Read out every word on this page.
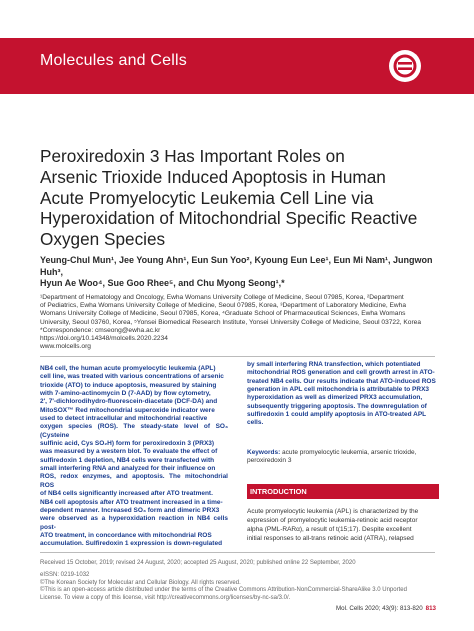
Molecules and Cells
Peroxiredoxin 3 Has Important Roles on
Arsenic Trioxide Induced Apoptosis in Human
Acute Promyelocytic Leukemia Cell Line via
Hyperoxidation of Mitochondrial Specific Reactive
Oxygen Species
Yeung-Chul Mun¹, Jee Young Ahn¹, Eun Sun Yoo², Kyoung Eun Lee¹, Eun Mi Nam¹, Jungwon Huh³,
Hyun Ae Woo⁴, Sue Goo Rhee⁵, and Chu Myong Seong¹,*
¹Department of Hematology and Oncology, Ewha Womans University College of Medicine, Seoul 07985, Korea, ²Department
of Pediatrics, Ewha Womans University College of Medicine, Seoul 07985, Korea, ³Department of Laboratory Medicine, Ewha
Womans University College of Medicine, Seoul 07985, Korea, ⁴Graduate School of Pharmaceutical Sciences, Ewha Womans
University, Seoul 03760, Korea, ⁵Yonsei Biomedical Research Institute, Yonsei University College of Medicine, Seoul 03722, Korea
*Correspondence: cmseong@ewha.ac.kr
https://doi.org/10.14348/molcells.2020.2234
www.molcells.org
NB4 cell, the human acute promyelocytic leukemia (APL)
cell line, was treated with various concentrations of arsenic
trioxide (ATO) to induce apoptosis, measured by staining
with 7-amino-actinomycin D (7-AAD) by flow cytometry,
2', 7'-dichlorodihydro-fluorescein-diacetate (DCF-DA) and
MitoSOX™ Red mitochondrial superoxide indicator were
used to detect intracellular and mitochondrial reactive
oxygen species (ROS). The steady-state level of SO₃ (Cysteine
sulfinic acid, Cys SO₂H) form for peroxiredoxin 3 (PRX3)
was measured by a western blot. To evaluate the effect of
sulfiredoxin 1 depletion, NB4 cells were transfected with
small interfering RNA and analyzed for their influence on
ROS, redox enzymes, and apoptosis. The mitochondrial ROS
of NB4 cells significantly increased after ATO treatment.
NB4 cell apoptosis after ATO treatment increased in a time-
dependent manner. Increased SO₃ form and dimeric PRX3
were observed as a hyperoxidation reaction in NB4 cells post-
ATO treatment, in concordance with mitochondrial ROS
accumulation. Sulfiredoxin 1 expression is down-regulated
by small interfering RNA transfection, which potentiated
mitochondrial ROS generation and cell growth arrest in ATO-
treated NB4 cells. Our results indicate that ATO-induced ROS
generation in APL cell mitochondria is attributable to PRX3
hyperoxidation as well as dimerized PRX3 accumulation,
subsequently triggering apoptosis. The downregulation of
sulfiredoxin 1 could amplify apoptosis in ATO-treated APL
cells.
Keywords: acute promyelocytic leukemia, arsenic trioxide,
peroxiredoxin 3
INTRODUCTION
Acute promyelocytic leukemia (APL) is characterized by the
expression of promyelocytic leukemia-retinoic acid receptor
alpha (PML-RARα), a result of t(15;17). Despite excellent
initial responses to all-trans retinoic acid (ATRA), relapsed
Received 15 October, 2019; revised 24 August, 2020; accepted 25 August, 2020; published online 22 September, 2020
eISSN: 0219-1032
©The Korean Society for Molecular and Cellular Biology. All rights reserved.
©This is an open-access article distributed under the terms of the Creative Commons Attribution-NonCommercial-ShareAlike 3.0 Unported
License. To view a copy of this license, visit http://creativecommons.org/licenses/by-nc-sa/3.0/.
Mol. Cells 2020; 43(9): 813-820 813
